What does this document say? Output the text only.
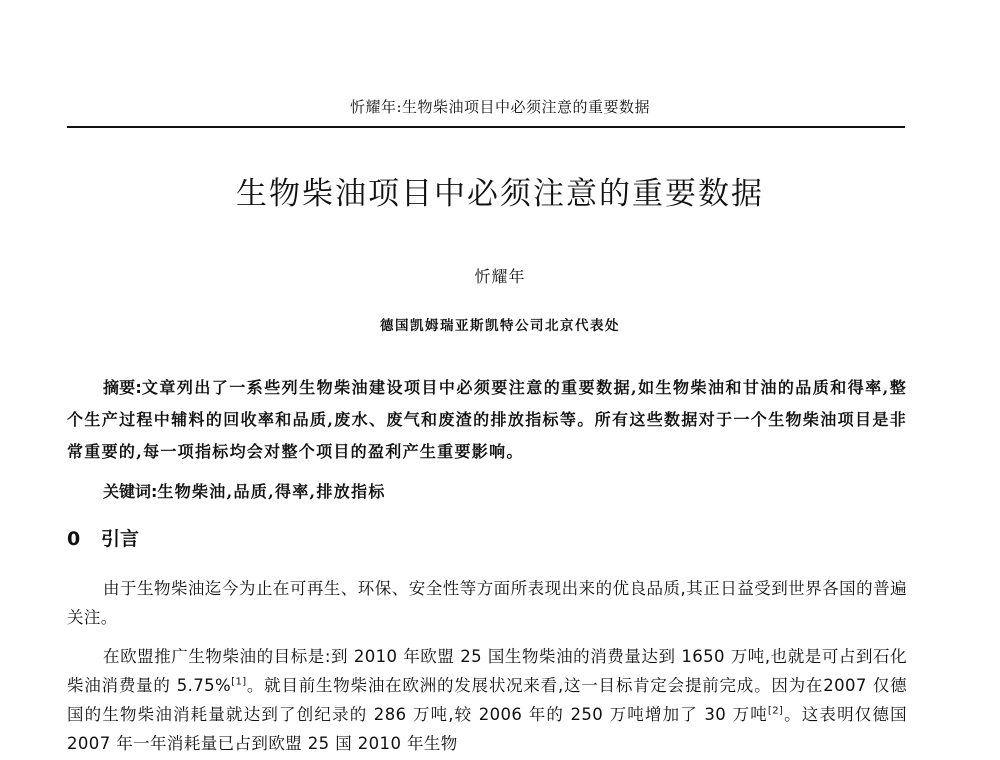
忻耀年:生物柴油项目中必须注意的重要数据
生物柴油项目中必须注意的重要数据
忻耀年
德国凯姆瑞亚斯凯特公司北京代表处

摘要:文章列出了一系些列生物柴油建设项目中必须要注意的重要数据,如生物柴油和甘油的品质和得率,整个生产过程中辅料的回收率和品质,废水、废气和废渣的排放指标等。所有这些数据对于一个生物柴油项目是非常重要的,每一项指标均会对整个项目的盈利产生重要影响。

关键词:生物柴油,品质,得率,排放指标

0 引言

由于生物柴油迄今为止在可再生、环保、安全性等方面所表现出来的优良品质,其正日益受到世界各国的普遍关注。

在欧盟推广生物柴油的目标是:到 2010 年欧盟 25 国生物柴油的消费量达到 1650 万吨,也就是可占到石化柴油消费量的 5.75%[1]。就目前生物柴油在欧洲的发展状况来看,这一目标肯定会提前完成。因为在2007 仅德国的生物柴油消耗量就达到了创纪录的 286 万吨,较 2006 年的 250 万吨增加了 30 万吨[2]。这表明仅德国 2007 年一年消耗量已占到欧盟 25 国 2010 年生物
